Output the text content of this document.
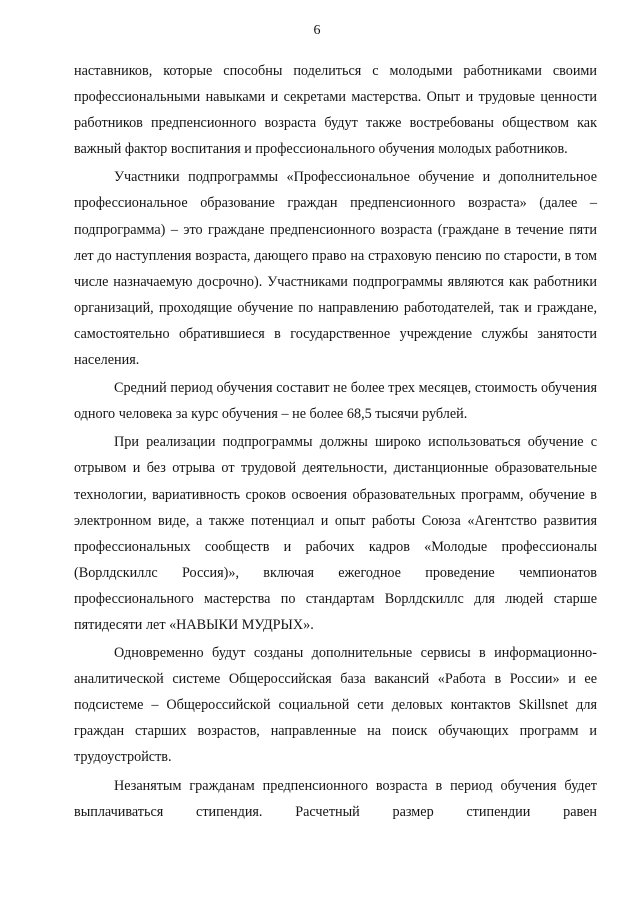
6

наставников, которые способны поделиться с молодыми работниками своими профессиональными навыками и секретами мастерства. Опыт и трудовые ценности работников предпенсионного возраста будут также востребованы обществом как важный фактор воспитания и профессионального обучения молодых работников.

Участники подпрограммы «Профессиональное обучение и дополнительное профессиональное образование граждан предпенсионного возраста» (далее – подпрограмма) – это граждане предпенсионного возраста (граждане в течение пяти лет до наступления возраста, дающего право на страховую пенсию по старости, в том числе назначаемую досрочно). Участниками подпрограммы являются как работники организаций, проходящие обучение по направлению работодателей, так и граждане, самостоятельно обратившиеся в государственное учреждение службы занятости населения.

Средний период обучения составит не более трех месяцев, стоимость обучения одного человека за курс обучения – не более 68,5 тысячи рублей.

При реализации подпрограммы должны широко использоваться обучение с отрывом и без отрыва от трудовой деятельности, дистанционные образовательные технологии, вариативность сроков освоения образовательных программ, обучение в электронном виде, а также потенциал и опыт работы Союза «Агентство развития профессиональных сообществ и рабочих кадров «Молодые профессионалы (Ворлдскиллс Россия)», включая ежегодное проведение чемпионатов профессионального мастерства по стандартам Ворлдскиллс для людей старше пятидесяти лет «НАВЫКИ МУДРЫХ».

Одновременно будут созданы дополнительные сервисы в информационно-аналитической системе Общероссийская база вакансий «Работа в России» и ее подсистеме – Общероссийской социальной сети деловых контактов Skillsnet для граждан старших возрастов, направленные на поиск обучающих программ и трудоустройств.

Незанятым гражданам предпенсионного возраста в период обучения будет выплачиваться стипендия. Расчетный размер стипендии равен
